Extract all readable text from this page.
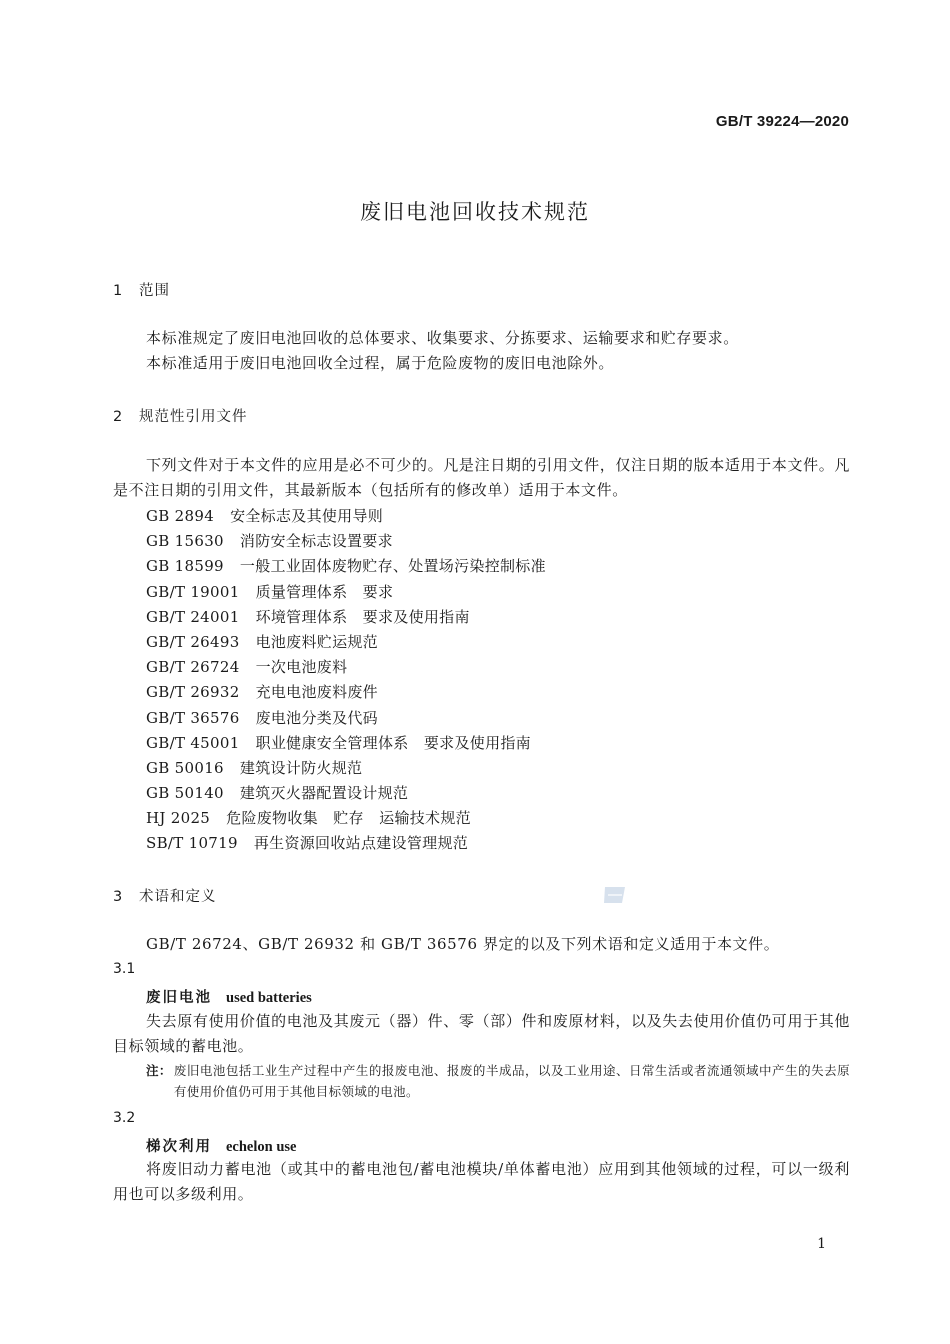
GB/T 39224—2020
废旧电池回收技术规范
1 范围
本标准规定了废旧电池回收的总体要求、收集要求、分拣要求、运输要求和贮存要求。
本标准适用于废旧电池回收全过程，属于危险废物的废旧电池除外。
2 规范性引用文件
下列文件对于本文件的应用是必不可少的。凡是注日期的引用文件，仅注日期的版本适用于本文件。凡是不注日期的引用文件，其最新版本（包括所有的修改单）适用于本文件。
GB 2894 安全标志及其使用导则
GB 15630 消防安全标志设置要求
GB 18599 一般工业固体废物贮存、处置场污染控制标准
GB/T 19001 质量管理体系　要求
GB/T 24001 环境管理体系　要求及使用指南
GB/T 26493 电池废料贮运规范
GB/T 26724 一次电池废料
GB/T 26932 充电电池废料废件
GB/T 36576 废电池分类及代码
GB/T 45001 职业健康安全管理体系　要求及使用指南
GB 50016 建筑设计防火规范
GB 50140 建筑灭火器配置设计规范
HJ 2025 危险废物收集　贮存　运输技术规范
SB/T 10719 再生资源回收站点建设管理规范
3 术语和定义
GB/T 26724、GB/T 26932 和 GB/T 36576 界定的以及下列术语和定义适用于本文件。
3.1
废旧电池 used batteries
失去原有使用价值的电池及其废元（器）件、零（部）件和废原材料，以及失去使用价值仍可用于其他目标领域的蓄电池。
注： 废旧电池包括工业生产过程中产生的报废电池、报废的半成品，以及工业用途、日常生活或者流通领域中产生的失去原有使用价值仍可用于其他目标领域的电池。
3.2
梯次利用 echelon use
将废旧动力蓄电池（或其中的蓄电池包/蓄电池模块/单体蓄电池）应用到其他领域的过程，可以一级利用也可以多级利用。
1
